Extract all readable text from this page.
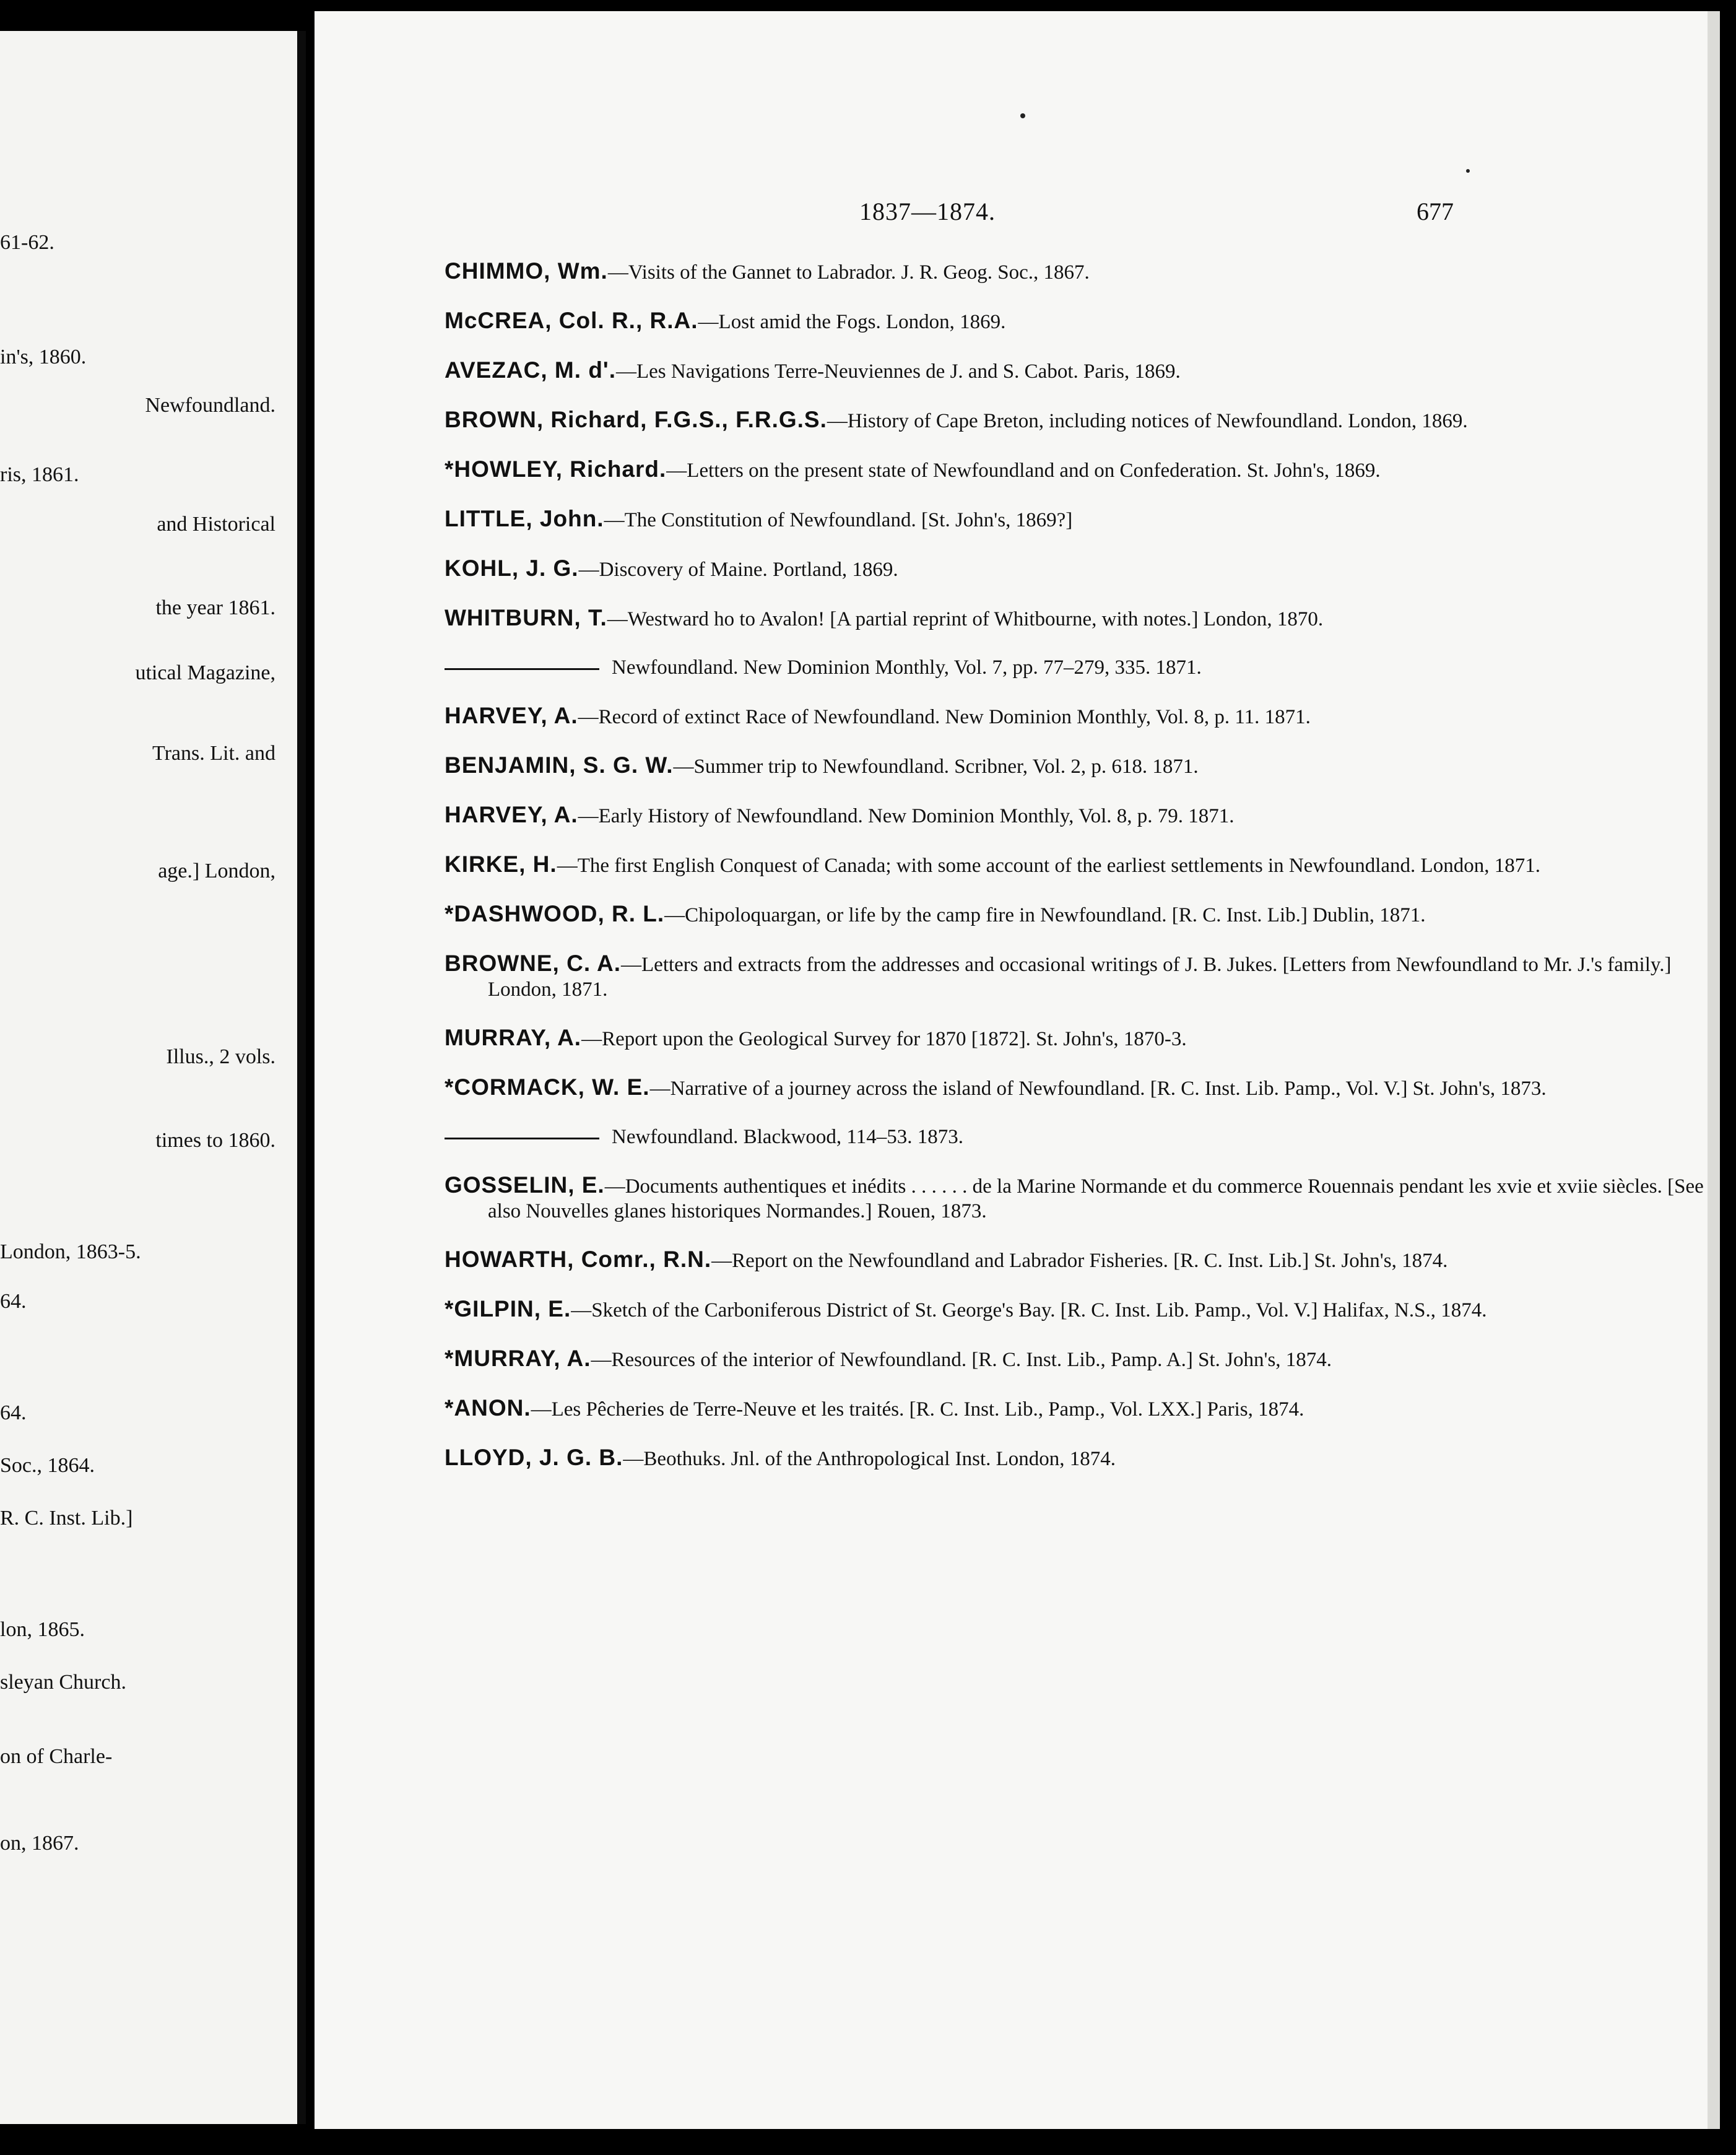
61-62.
in's, 1860.
Newfoundland.
ris, 1861.
and Historical
the year 1861.
utical Magazine,
Trans. Lit. and
age.] London,
Illus., 2 vols.
times to 1860.
London, 1863-5.
64.
64.
Soc., 1864.
R. C. Inst. Lib.]
lon, 1865.
sleyan Church.
on of Charle-
on, 1867.
1837—1874.	677
CHIMMO, Wm.—Visits of the Gannet to Labrador. J. R. Geog. Soc., 1867.
McCREA, Col. R., R.A.—Lost amid the Fogs. London, 1869.
AVEZAC, M. d'.—Les Navigations Terre-Neuviennes de J. and S. Cabot. Paris, 1869.
BROWN, Richard, F.G.S., F.R.G.S.—History of Cape Breton, including notices of Newfoundland. London, 1869.
*HOWLEY, Richard.—Letters on the present state of Newfoundland and on Confederation. St. John's, 1869.
LITTLE, John.—The Constitution of Newfoundland. [St. John's, 1869?]
KOHL, J. G.—Discovery of Maine. Portland, 1869.
WHITBURN, T.—Westward ho to Avalon! [A partial reprint of Whitbourne, with notes.] London, 1870.
Newfoundland. New Dominion Monthly, Vol. 7, pp. 77–279, 335. 1871.
HARVEY, A.—Record of extinct Race of Newfoundland. New Dominion Monthly, Vol. 8, p. 11. 1871.
BENJAMIN, S. G. W.—Summer trip to Newfoundland. Scribner, Vol. 2, p. 618. 1871.
HARVEY, A.—Early History of Newfoundland. New Dominion Monthly, Vol. 8, p. 79. 1871.
KIRKE, H.—The first English Conquest of Canada; with some account of the earliest settlements in Newfoundland. London, 1871.
*DASHWOOD, R. L.—Chipoloquargan, or life by the camp fire in Newfoundland. [R. C. Inst. Lib.] Dublin, 1871.
BROWNE, C. A.—Letters and extracts from the addresses and occasional writings of J. B. Jukes. [Letters from Newfoundland to Mr. J.'s family.] London, 1871.
MURRAY, A.—Report upon the Geological Survey for 1870 [1872]. St. John's, 1870-3.
*CORMACK, W. E.—Narrative of a journey across the island of Newfoundland. [R. C. Inst. Lib. Pamp., Vol. V.] St. John's, 1873.
Newfoundland. Blackwood, 114–53. 1873.
GOSSELIN, E.—Documents authentiques et inédits . . . . . . de la Marine Normande et du commerce Rouennais pendant les xvie et xviie siècles. [See also Nouvelles glanes historiques Normandes.] Rouen, 1873.
HOWARTH, Comr., R.N.—Report on the Newfoundland and Labrador Fisheries. [R. C. Inst. Lib.] St. John's, 1874.
*GILPIN, E.—Sketch of the Carboniferous District of St. George's Bay. [R. C. Inst. Lib. Pamp., Vol. V.] Halifax, N.S., 1874.
*MURRAY, A.—Resources of the interior of Newfoundland. [R. C. Inst. Lib., Pamp. A.] St. John's, 1874.
*ANON.—Les Pêcheries de Terre-Neuve et les traités. [R. C. Inst. Lib., Pamp., Vol. LXX.] Paris, 1874.
LLOYD, J. G. B.—Beothuks. Jnl. of the Anthropological Inst. London, 1874.
